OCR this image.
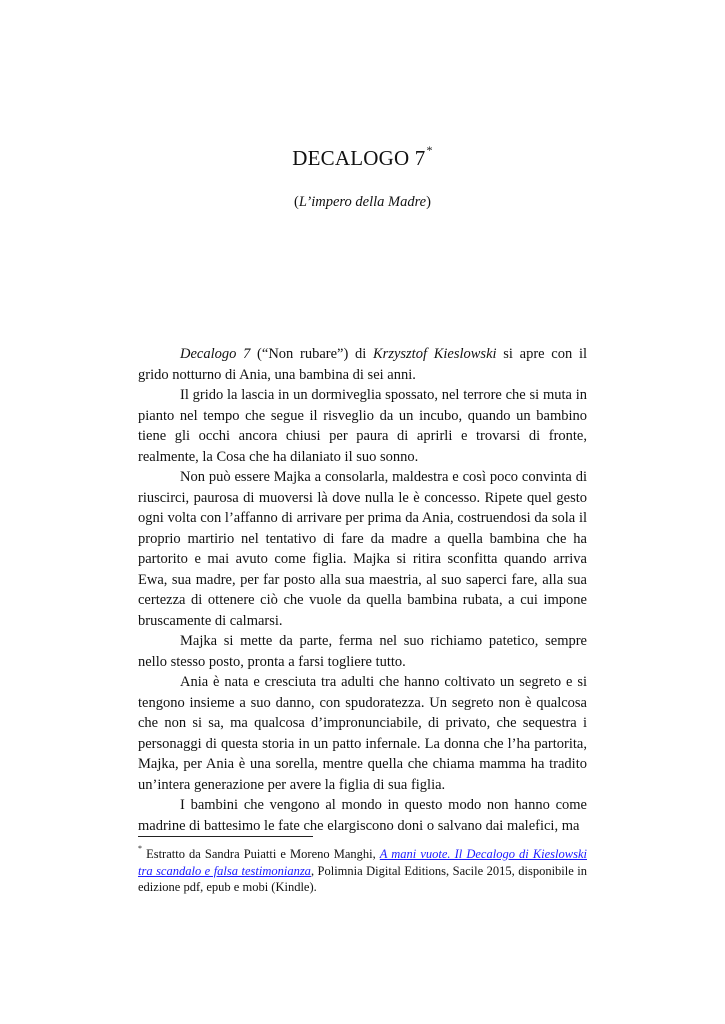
DECALOGO 7*
(L’impero della Madre)

Decalogo 7 (“Non rubare”) di Krzysztof Kieslowski si apre con il grido notturno di Ania, una bambina di sei anni.

Il grido la lascia in un dormiveglia spossato, nel terrore che si muta in pianto nel tempo che segue il risveglio da un incubo, quando un bambino tiene gli occhi ancora chiusi per paura di aprirli e trovarsi di fronte, realmente, la Cosa che ha dilaniato il suo sonno.

Non può essere Majka a consolarla, maldestra e così poco convinta di riuscirci, paurosa di muoversi là dove nulla le è concesso. Ripete quel gesto ogni volta con l’affanno di arrivare per prima da Ania, costruendosi da sola il proprio martirio nel tentativo di fare da madre a quella bambina che ha partorito e mai avuto come figlia. Majka si ritira sconfitta quando arriva Ewa, sua madre, per far posto alla sua maestria, al suo saperci fare, alla sua certezza di ottenere ciò che vuole da quella bambina rubata, a cui impone bruscamente di calmarsi.

Majka si mette da parte, ferma nel suo richiamo patetico, sempre nello stesso posto, pronta a farsi togliere tutto.

Ania è nata e cresciuta tra adulti che hanno coltivato un segreto e si tengono insieme a suo danno, con spudoratezza. Un segreto non è qualcosa che non si sa, ma qualcosa d’impronunciabile, di privato, che sequestra i personaggi di questa storia in un patto infernale. La donna che l’ha partorita, Majka, per Ania è una sorella, mentre quella che chiama mamma ha tradito un’intera generazione per avere la figlia di sua figlia.

I bambini che vengono al mondo in questo modo non hanno come madrine di battesimo le fate che elargiscono doni o salvano dai malefici, ma

* Estratto da Sandra Puiatti e Moreno Manghi, A mani vuote. Il Decalogo di Kieslowski tra scandalo e falsa testimonianza, Polimnia Digital Editions, Sacile 2015, disponibile in edizione pdf, epub e mobi (Kindle).
